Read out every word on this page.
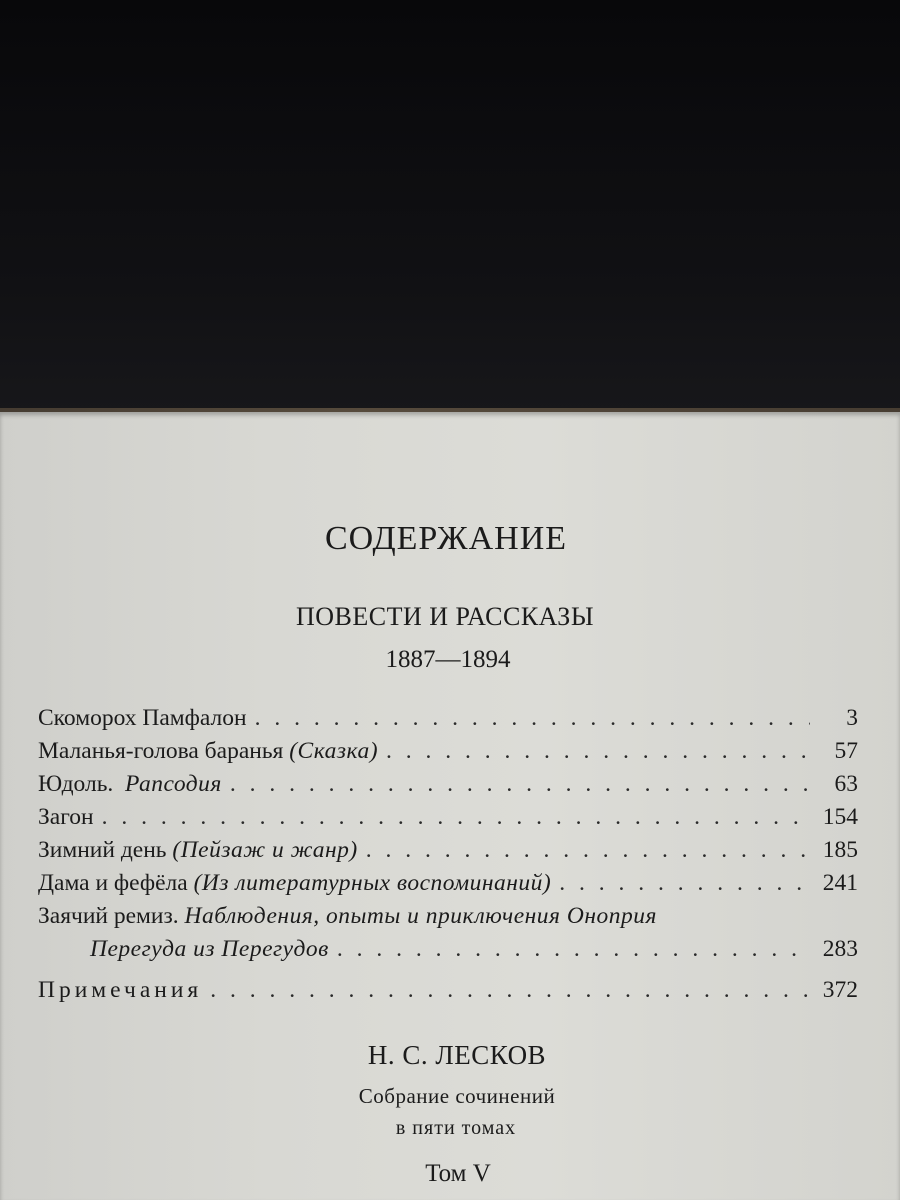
СОДЕРЖАНИЕ
ПОВЕСТИ И РАССКАЗЫ
1887—1894
Скоморох Памфалон . . .	3
Маланья-голова баранья (Сказка) . . .	57
Юдоль. Рапсодия . . .	63
Загон . . .	154
Зимний день (Пейзаж и жанр) . . .	185
Дама и фефёла (Из литературных воспоминаний) . . .	241
Заячий ремиз. Наблюдения, опыты и приключения Оноприя
Перегуда из Перегудов . . .	283
Примечания . . .	372
Н. С. ЛЕСКОВ
Собрание сочинений
в пяти томах
Том V
